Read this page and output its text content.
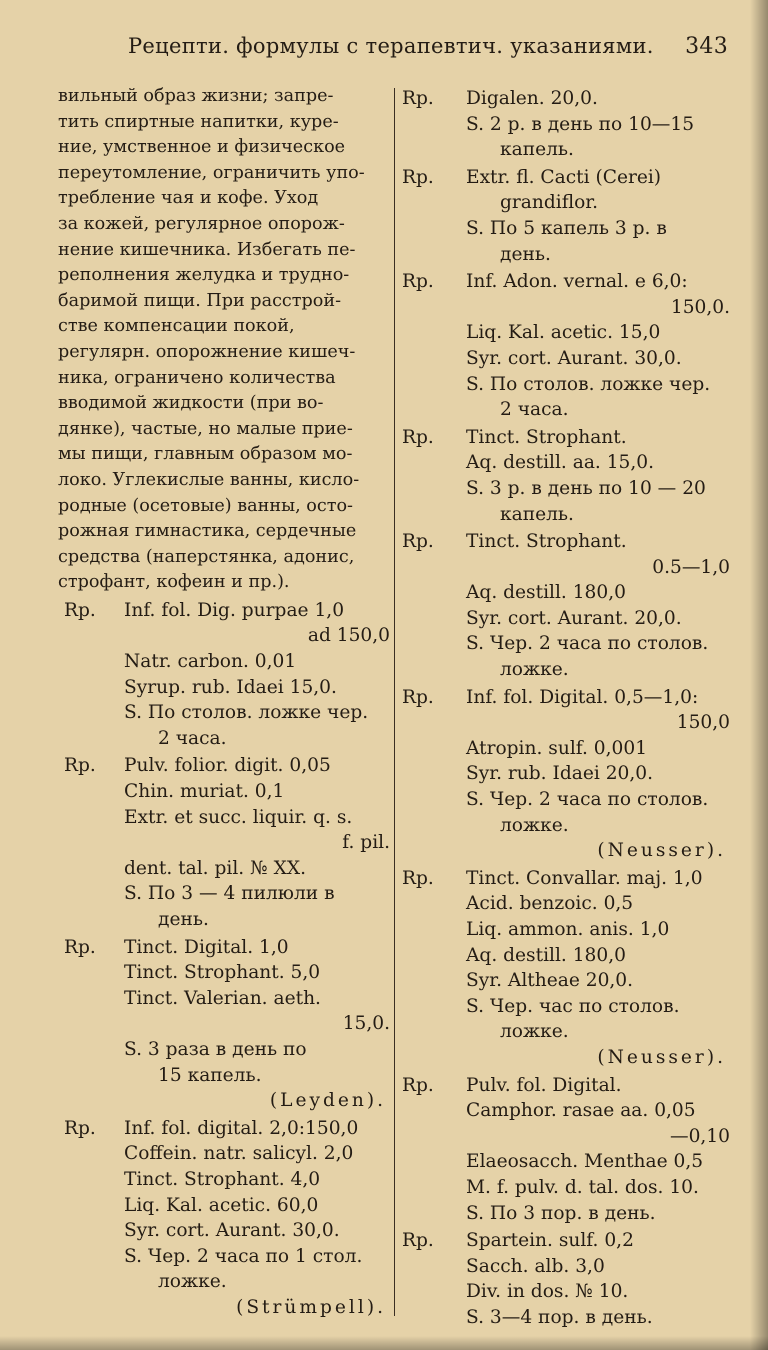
Рецепти. формулы с терапевтич. указаниями. 343
вильный образ жизни; запре-
тить спиртные напитки, куре-
ние, умственное и физическое
переутомление, ограничить упо-
требление чая и кофе. Уход
за кожей, регулярное опорож-
нение кишечника. Избегать пе-
реполнения желудка и трудно-
баримой пищи. При расстрой-
стве компенсации покой,
регулярн. опорожнение кишеч-
ника, ограничено количества
вводимой жидкости (при во-
дянке), частые, но малые прие-
мы пищи, главным образом мо-
локо. Углекислые ванны, кисло-
родные (осетовые) ванны, осто-
рожная гимнастика, сердечные
средства (наперстянка, адонис,
строфант, кофеин и пр.).
Rp.	Inf. fol. Dig. purpae 1,0
ad 150,0
Natr. carbon. 0,01
Syrup. rub. Idaei 15,0.
S. По столов. ложке чер.
2 часа.
Rp.	Pulv. folior. digit. 0,05
Chin. muriat. 0,1
Extr. et succ. liquir. q. s.
f. pil.
dent. tal. pil. № XX.
S. По 3 — 4 пилюли в
день.
Rp.	Tinct. Digital. 1,0
Tinct. Strophant. 5,0
Tinct. Valerian. aeth.
15,0.
S. 3 раза в день по
15 капель.
(Leyden).
Rp.	Inf. fol. digital. 2,0:150,0
Coffein. natr. salicyl. 2,0
Tinct. Strophant. 4,0
Liq. Kal. acetic. 60,0
Syr. cort. Aurant. 30,0.
S. Чер. 2 часа по 1 стол.
ложке.
(Strümpell).
Rp.	Digalen. 20,0.
S. 2 р. в день по 10—15
капель.
Rp.	Extr. fl. Cacti (Cerei)
grandiflor.
S. По 5 капель 3 р. в
день.
Rp.	Inf. Adon. vernal. e 6,0:
150,0.
Liq. Kal. acetic. 15,0
Syr. cort. Aurant. 30,0.
S. По столов. ложке чер.
2 часа.
Rp.	Tinct. Strophant.
Aq. destill. aa. 15,0.
S. 3 р. в день по 10 — 20
капель.
Rp.	Tinct. Strophant.
0.5—1,0
Aq. destill. 180,0
Syr. cort. Aurant. 20,0.
S. Чер. 2 часа по столов.
ложке.
Rp.	Inf. fol. Digital. 0,5—1,0:
150,0
Atropin. sulf. 0,001
Syr. rub. Idaei 20,0.
S. Чер. 2 часа по столов.
ложке.
(Neusser).
Rp.	Tinct. Convallar. maj. 1,0
Acid. benzoic. 0,5
Liq. ammon. anis. 1,0
Aq. destill. 180,0
Syr. Altheae 20,0.
S. Чер. час по столов.
ложке.
(Neusser).
Rp.	Pulv. fol. Digital.
Camphor. rasae aa. 0,05
—0,10
Elaeosacch. Menthae 0,5
M. f. pulv. d. tal. dos. 10.
S. По 3 пор. в день.
Rp.	Spartein. sulf. 0,2
Sacch. alb. 3,0
Div. in dos. № 10.
S. 3—4 пор. в день.
